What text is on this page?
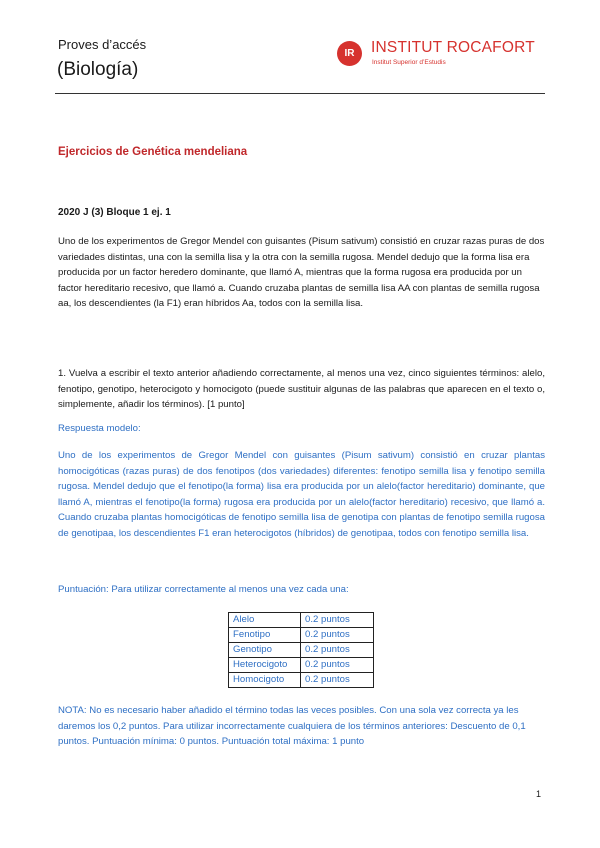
Proves d’accés
(Biología)
IR	INSTITUT ROCAFORT
Institut Superior d’Estudis
Ejercicios de Genética mendeliana
2020 J (3) Bloque 1 ej. 1
Uno de los experimentos de Gregor Mendel con guisantes (Pisum sativum) consistió en cruzar razas puras de dos variedades distintas, una con la semilla lisa y la otra con la semilla rugosa. Mendel dedujo que la forma lisa era producida por un factor heredero dominante, que llamó A, mientras que la forma rugosa era producida por un factor hereditario recesivo, que llamó a. Cuando cruzaba plantas de semilla lisa AA con plantas de semilla rugosa aa, los descendientes (la F1) eran híbridos Aa, todos con la semilla lisa.
1. Vuelva a escribir el texto anterior añadiendo correctamente, al menos una vez, cinco siguientes términos: alelo, fenotipo, genotipo, heterocigoto y homocigoto (puede sustituir algunas de las palabras que aparecen en el texto o, simplemente, añadir los términos). [1 punto]
Respuesta modelo:
Uno de los experimentos de Gregor Mendel con guisantes (Pisum sativum) consistió en cruzar plantas homocigóticas (razas puras) de dos fenotipos (dos variedades) diferentes: fenotipo semilla lisa y fenotipo semilla rugosa. Mendel dedujo que el fenotipo(la forma) lisa era producida por un alelo(factor hereditario) dominante, que llamó A, mientras el fenotipo(la forma) rugosa era producida por un alelo(factor hereditario) recesivo, que llamó a. Cuando cruzaba plantas homocigóticas de fenotipo semilla lisa de genotipa con plantas de fenotipo semilla rugosa de genotipaa, los descendientes F1 eran heterocigotos (híbridos) de genotipaa, todos con fenotipo semilla lisa.
Puntuación: Para utilizar correctamente al menos una vez cada una:
Alelo	0.2 puntos
Fenotipo	0.2 puntos
Genotipo	0.2 puntos
Heterocigoto	0.2 puntos
Homocigoto	0.2 puntos
NOTA: No es necesario haber añadido el término todas las veces posibles. Con una sola vez correcta ya les daremos los 0,2 puntos. Para utilizar incorrectamente cualquiera de los términos anteriores: Descuento de 0,1 puntos. Puntuación mínima: 0 puntos. Puntuación total máxima: 1 punto
1
